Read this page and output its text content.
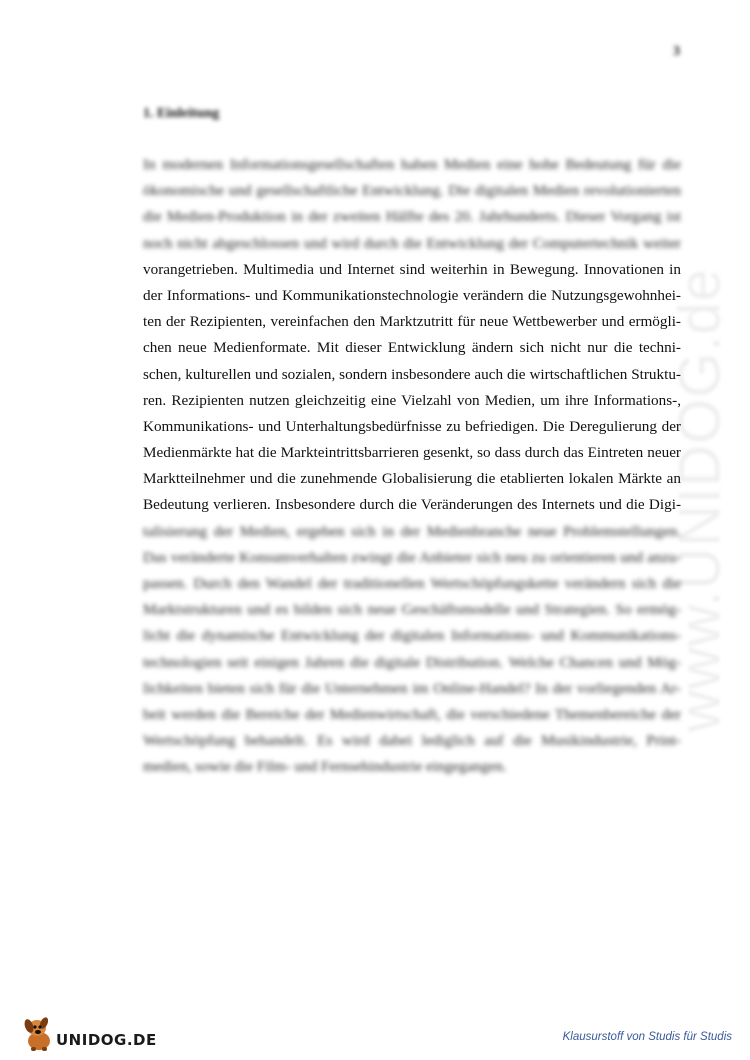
www.UNIDOG.de
3
1. Einleitung
In modernen Informationsgesellschaften haben Medien eine hohe Bedeutung für die
ökonomische und gesellschaftliche Entwicklung. Die digitalen Medien revolutionierten
die Medien-Produktion in der zweiten Hälfte des 20. Jahrhunderts. Dieser Vorgang ist
noch nicht abgeschlossen und wird durch die Entwicklung der Computertechnik weiter
vorangetrieben. Multimedia und Internet sind weiterhin in Bewegung. Innovationen in
der Informations- und Kommunikationstechnologie verändern die Nutzungsgewohnhei-
ten der Rezipienten, vereinfachen den Marktzutritt für neue Wettbewerber und ermögli-
chen neue Medienformate. Mit dieser Entwicklung ändern sich nicht nur die techni-
schen, kulturellen und sozialen, sondern insbesondere auch die wirtschaftlichen Struktu-
ren. Rezipienten nutzen gleichzeitig eine Vielzahl von Medien, um ihre Informations-,
Kommunikations- und Unterhaltungsbedürfnisse zu befriedigen. Die Deregulierung der
Medienmärkte hat die Markteintrittsbarrieren gesenkt, so dass durch das Eintreten neuer
Marktteilnehmer und die zunehmende Globalisierung die etablierten lokalen Märkte an
Bedeutung verlieren. Insbesondere durch die Veränderungen des Internets und die Digi-
talisierung der Medien, ergeben sich in der Medienbranche neue Problemstellungen.
Das veränderte Konsumverhalten zwingt die Anbieter sich neu zu orientieren und anzu-
passen. Durch den Wandel der traditionellen Wertschöpfungskette verändern sich die
Marktstrukturen und es bilden sich neue Geschäftsmodelle und Strategien. So ermög-
licht die dynamische Entwicklung der digitalen Informations- und Kommunikations-
technologien seit einigen Jahren die digitale Distribution. Welche Chancen und Mög-
lichkeiten bieten sich für die Unternehmen im Online-Handel? In der vorliegenden Ar-
beit werden die Bereiche der Medienwirtschaft, die verschiedene Themenbereiche der
Wertschöpfung behandelt. Es wird dabei lediglich auf die Musikindustrie, Print-
medien, sowie die Film- und Fernsehindustrie eingegangen.
UNIDOG.DE	Klausurstoff von Studis für Studis
